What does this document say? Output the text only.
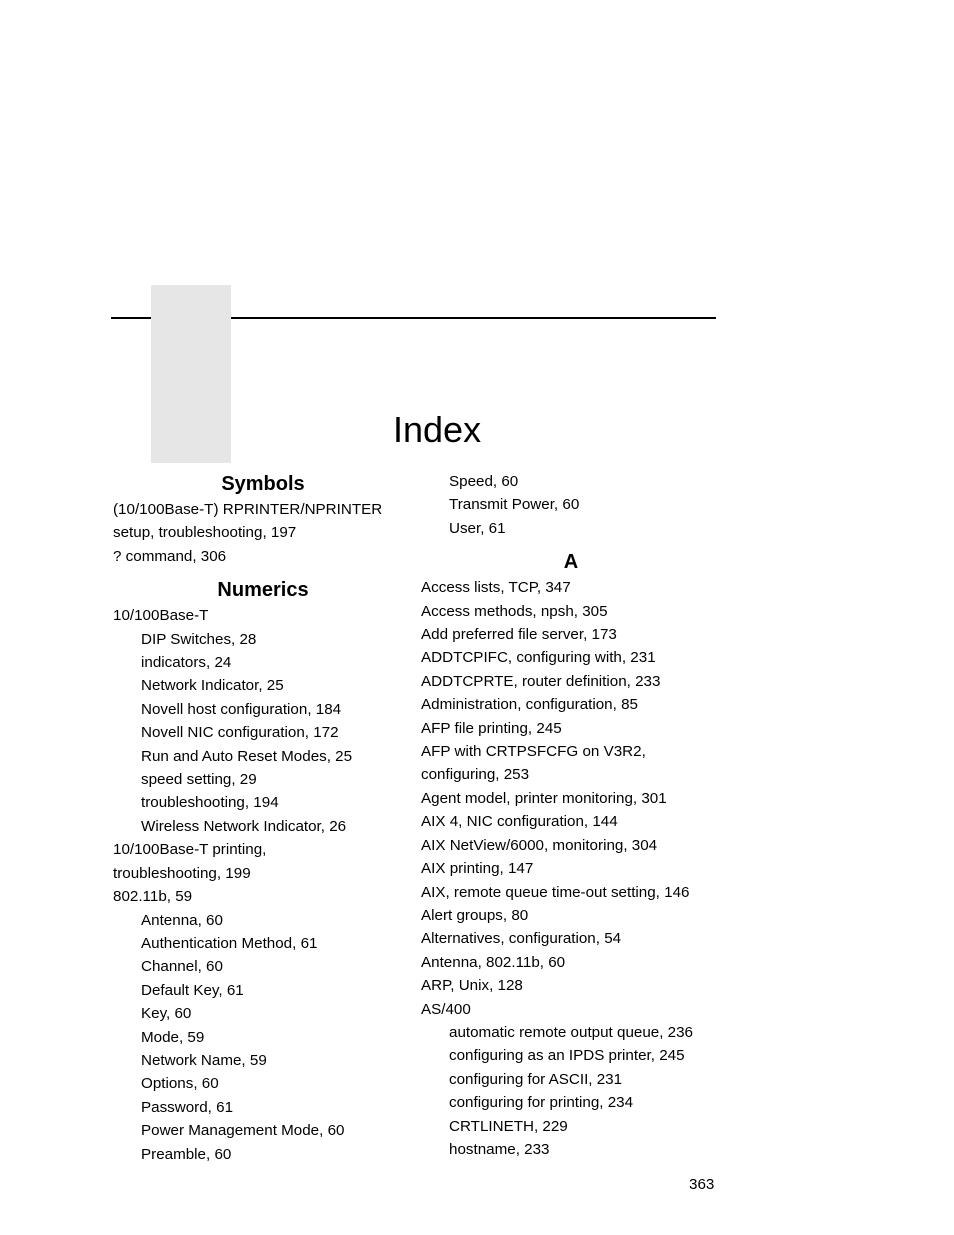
Index
Symbols
(10/100Base-T) RPRINTER/NPRINTER
setup, troubleshooting, 197
? command, 306
Numerics
10/100Base-T
DIP Switches, 28
indicators, 24
Network Indicator, 25
Novell host configuration, 184
Novell NIC configuration, 172
Run and Auto Reset Modes, 25
speed setting, 29
troubleshooting, 194
Wireless Network Indicator, 26
10/100Base-T printing,
troubleshooting, 199
802.11b, 59
Antenna, 60
Authentication Method, 61
Channel, 60
Default Key, 61
Key, 60
Mode, 59
Network Name, 59
Options, 60
Password, 61
Power Management Mode, 60
Preamble, 60
Speed, 60
Transmit Power, 60
User, 61
A
Access lists, TCP, 347
Access methods, npsh, 305
Add preferred file server, 173
ADDTCPIFC, configuring with, 231
ADDTCPRTE, router definition, 233
Administration, configuration, 85
AFP file printing, 245
AFP with CRTPSFCFG on V3R2,
configuring, 253
Agent model, printer monitoring, 301
AIX 4, NIC configuration, 144
AIX NetView/6000, monitoring, 304
AIX printing, 147
AIX, remote queue time-out setting, 146
Alert groups, 80
Alternatives, configuration, 54
Antenna, 802.11b, 60
ARP, Unix, 128
AS/400
automatic remote output queue, 236
configuring as an IPDS printer, 245
configuring for ASCII, 231
configuring for printing, 234
CRTLINETH, 229
hostname, 233
363
